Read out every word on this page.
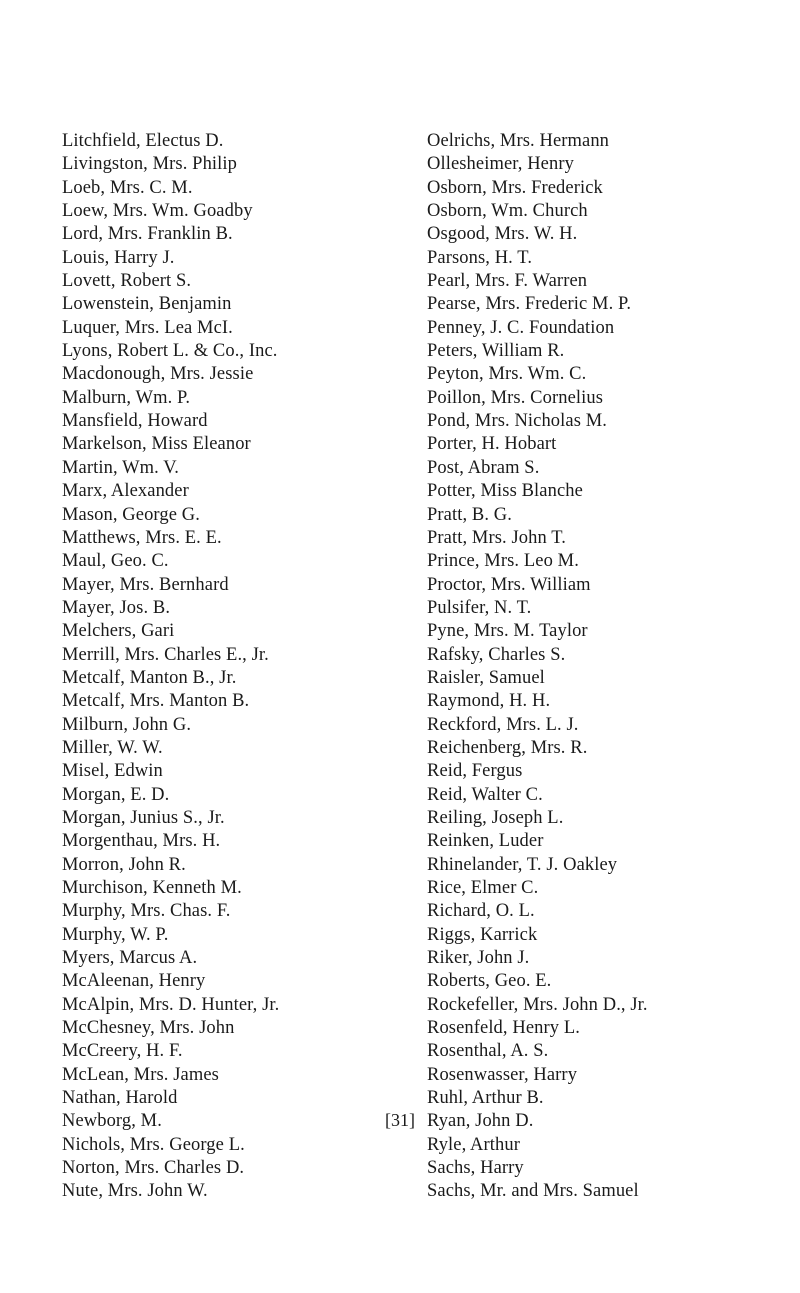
Litchfield, Electus D.
Livingston, Mrs. Philip
Loeb, Mrs. C. M.
Loew, Mrs. Wm. Goadby
Lord, Mrs. Franklin B.
Louis, Harry J.
Lovett, Robert S.
Lowenstein, Benjamin
Luquer, Mrs. Lea McI.
Lyons, Robert L. & Co., Inc.
Macdonough, Mrs. Jessie
Malburn, Wm. P.
Mansfield, Howard
Markelson, Miss Eleanor
Martin, Wm. V.
Marx, Alexander
Mason, George G.
Matthews, Mrs. E. E.
Maul, Geo. C.
Mayer, Mrs. Bernhard
Mayer, Jos. B.
Melchers, Gari
Merrill, Mrs. Charles E., Jr.
Metcalf, Manton B., Jr.
Metcalf, Mrs. Manton B.
Milburn, John G.
Miller, W. W.
Misel, Edwin
Morgan, E. D.
Morgan, Junius S., Jr.
Morgenthau, Mrs. H.
Morron, John R.
Murchison, Kenneth M.
Murphy, Mrs. Chas. F.
Murphy, W. P.
Myers, Marcus A.
McAleenan, Henry
McAlpin, Mrs. D. Hunter, Jr.
McChesney, Mrs. John
McCreery, H. F.
McLean, Mrs. James
Nathan, Harold
Newborg, M.
Nichols, Mrs. George L.
Norton, Mrs. Charles D.
Nute, Mrs. John W.
Oelrichs, Mrs. Hermann
Ollesheimer, Henry
Osborn, Mrs. Frederick
Osborn, Wm. Church
Osgood, Mrs. W. H.
Parsons, H. T.
Pearl, Mrs. F. Warren
Pearse, Mrs. Frederic M. P.
Penney, J. C. Foundation
Peters, William R.
Peyton, Mrs. Wm. C.
Poillon, Mrs. Cornelius
Pond, Mrs. Nicholas M.
Porter, H. Hobart
Post, Abram S.
Potter, Miss Blanche
Pratt, B. G.
Pratt, Mrs. John T.
Prince, Mrs. Leo M.
Proctor, Mrs. William
Pulsifer, N. T.
Pyne, Mrs. M. Taylor
Rafsky, Charles S.
Raisler, Samuel
Raymond, H. H.
Reckford, Mrs. L. J.
Reichenberg, Mrs. R.
Reid, Fergus
Reid, Walter C.
Reiling, Joseph L.
Reinken, Luder
Rhinelander, T. J. Oakley
Rice, Elmer C.
Richard, O. L.
Riggs, Karrick
Riker, John J.
Roberts, Geo. E.
Rockefeller, Mrs. John D., Jr.
Rosenfeld, Henry L.
Rosenthal, A. S.
Rosenwasser, Harry
Ruhl, Arthur B.
Ryan, John D.
Ryle, Arthur
Sachs, Harry
Sachs, Mr. and Mrs. Samuel
[31]
